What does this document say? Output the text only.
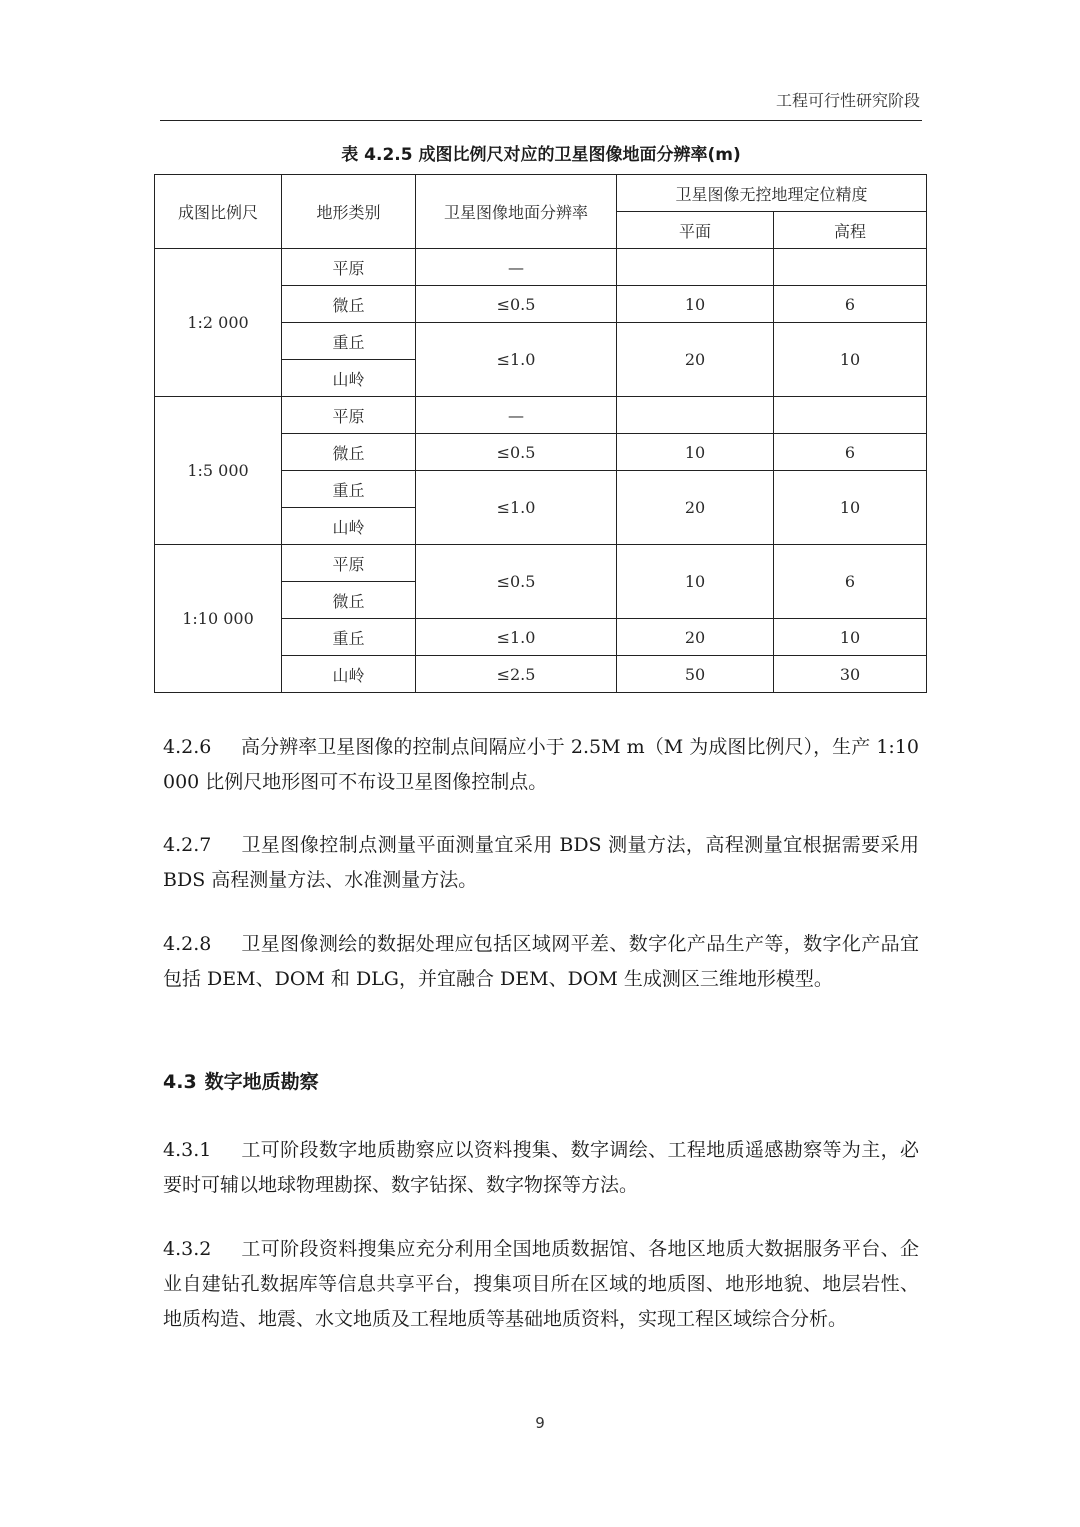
工程可行性研究阶段
表 4.2.5 成图比例尺对应的卫星图像地面分辨率(m)
成图比例尺	地形类别	卫星图像地面分辨率	卫星图像无控地理定位精度	
			平面	高程
1:2 000	平原	—		
	微丘	≤0.5	10	6
	重丘	≤1.0	20	10
	山岭			
1:5 000	平原	—		
	微丘	≤0.5	10	6
	重丘	≤1.0	20	10
	山岭			
1:10 000	平原	≤0.5	10	6
	微丘			
	重丘	≤1.0	20	10
	山岭	≤2.5	50	30

4.2.6 高分辨率卫星图像的控制点间隔应小于 2.5M m（M 为成图比例尺），生产 1:10 000 比例尺地形图可不布设卫星图像控制点。

4.2.7 卫星图像控制点测量平面测量宜采用 BDS 测量方法，高程测量宜根据需要采用 BDS 高程测量方法、水准测量方法。

4.2.8 卫星图像测绘的数据处理应包括区域网平差、数字化产品生产等，数字化产品宜包括 DEM、DOM 和 DLG，并宜融合 DEM、DOM 生成测区三维地形模型。

4.3 数字地质勘察

4.3.1 工可阶段数字地质勘察应以资料搜集、数字调绘、工程地质遥感勘察等为主，必要时可辅以地球物理勘探、数字钻探、数字物探等方法。

4.3.2 工可阶段资料搜集应充分利用全国地质数据馆、各地区地质大数据服务平台、企业自建钻孔数据库等信息共享平台，搜集项目所在区域的地质图、地形地貌、地层岩性、地质构造、地震、水文地质及工程地质等基础地质资料，实现工程区域综合分析。

9
